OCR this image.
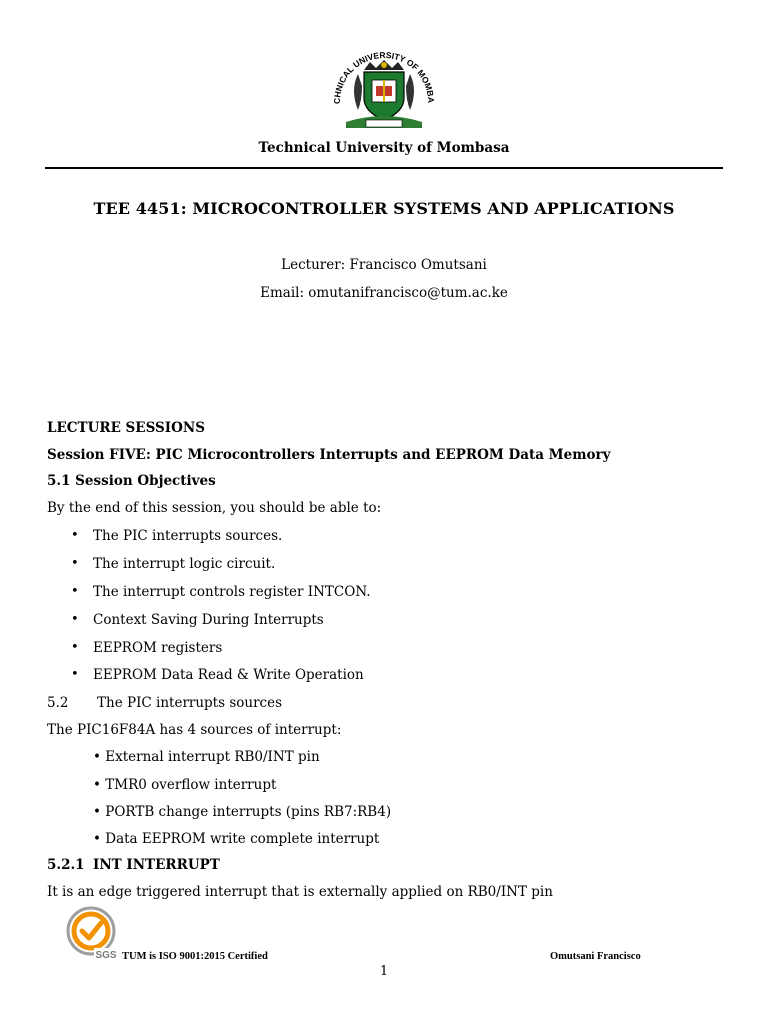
CHNICAL UNIVERSITY OF MOMBA
Technical University of Mombasa
TEE 4451: MICROCONTROLLER SYSTEMS AND APPLICATIONS
Lecturer: Francisco Omutsani
Email: omutanifrancisco@tum.ac.ke
LECTURE SESSIONS
Session FIVE: PIC Microcontrollers Interrupts and EEPROM Data Memory
5.1 Session Objectives
By the end of this session, you should be able to:
• The PIC interrupts sources.
• The interrupt logic circuit.
• The interrupt controls register INTCON.
• Context Saving During Interrupts
• EEPROM registers
• EEPROM Data Read & Write Operation
5.2 The PIC interrupts sources
The PIC16F84A has 4 sources of interrupt:
• External interrupt RB0/INT pin
• TMR0 overflow interrupt
• PORTB change interrupts (pins RB7:RB4)
• Data EEPROM write complete interrupt
5.2.1 INT INTERRUPT
It is an edge triggered interrupt that is externally applied on RB0/INT pin
SGS TUM is ISO 9001:2015 Certified	Omutsani Francisco
1
